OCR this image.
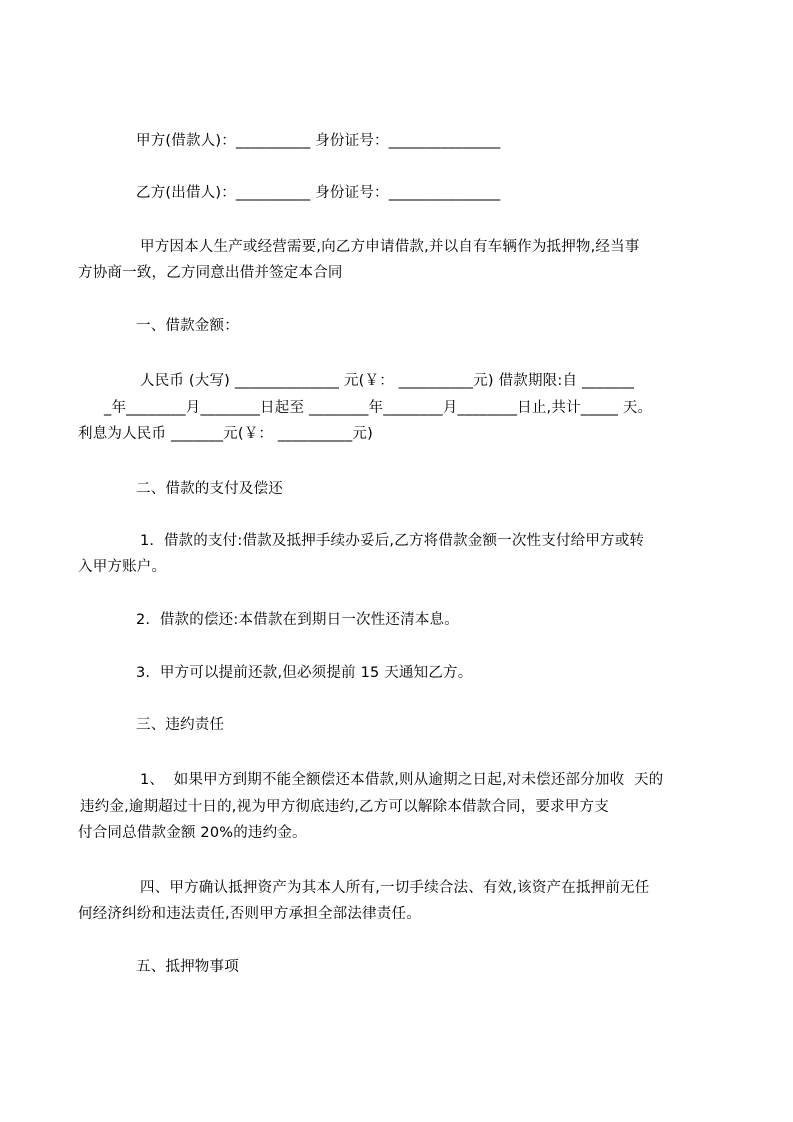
甲方(借款人)：__________ 身份证号：_______________
乙方(出借人)：__________ 身份证号：_______________
甲方因本人生产或经营需要,向乙方申请借款,并以自有车辆作为抵押物,经当事
方协商一致，乙方同意出借并签定本合同
一、借款金额：
人民币 (大写) ______________ 元(￥： __________元) 借款期限:自 _______
_年________月________日起至 ________年________月________日止,共计_____ 天。
利息为人民币 _______元(￥： __________元)
二、借款的支付及偿还
1.  借款的支付:借款及抵押手续办妥后,乙方将借款金额一次性支付给甲方或转
入甲方账户。
2.  借款的偿还:本借款在到期日一次性还清本息。
3.  甲方可以提前还款,但必须提前 15 天通知乙方。
三、违约责任
1、  如果甲方到期不能全额偿还本借款,则从逾期之日起,对未偿还部分加收  天的
违约金,逾期超过十日的,视为甲方彻底违约,乙方可以解除本借款合同，要求甲方支
付合同总借款金额 20%的违约金。
四、甲方确认抵押资产为其本人所有,一切手续合法、有效,该资产在抵押前无任
何经济纠纷和违法责任,否则甲方承担全部法律责任。
五、抵押物事项
